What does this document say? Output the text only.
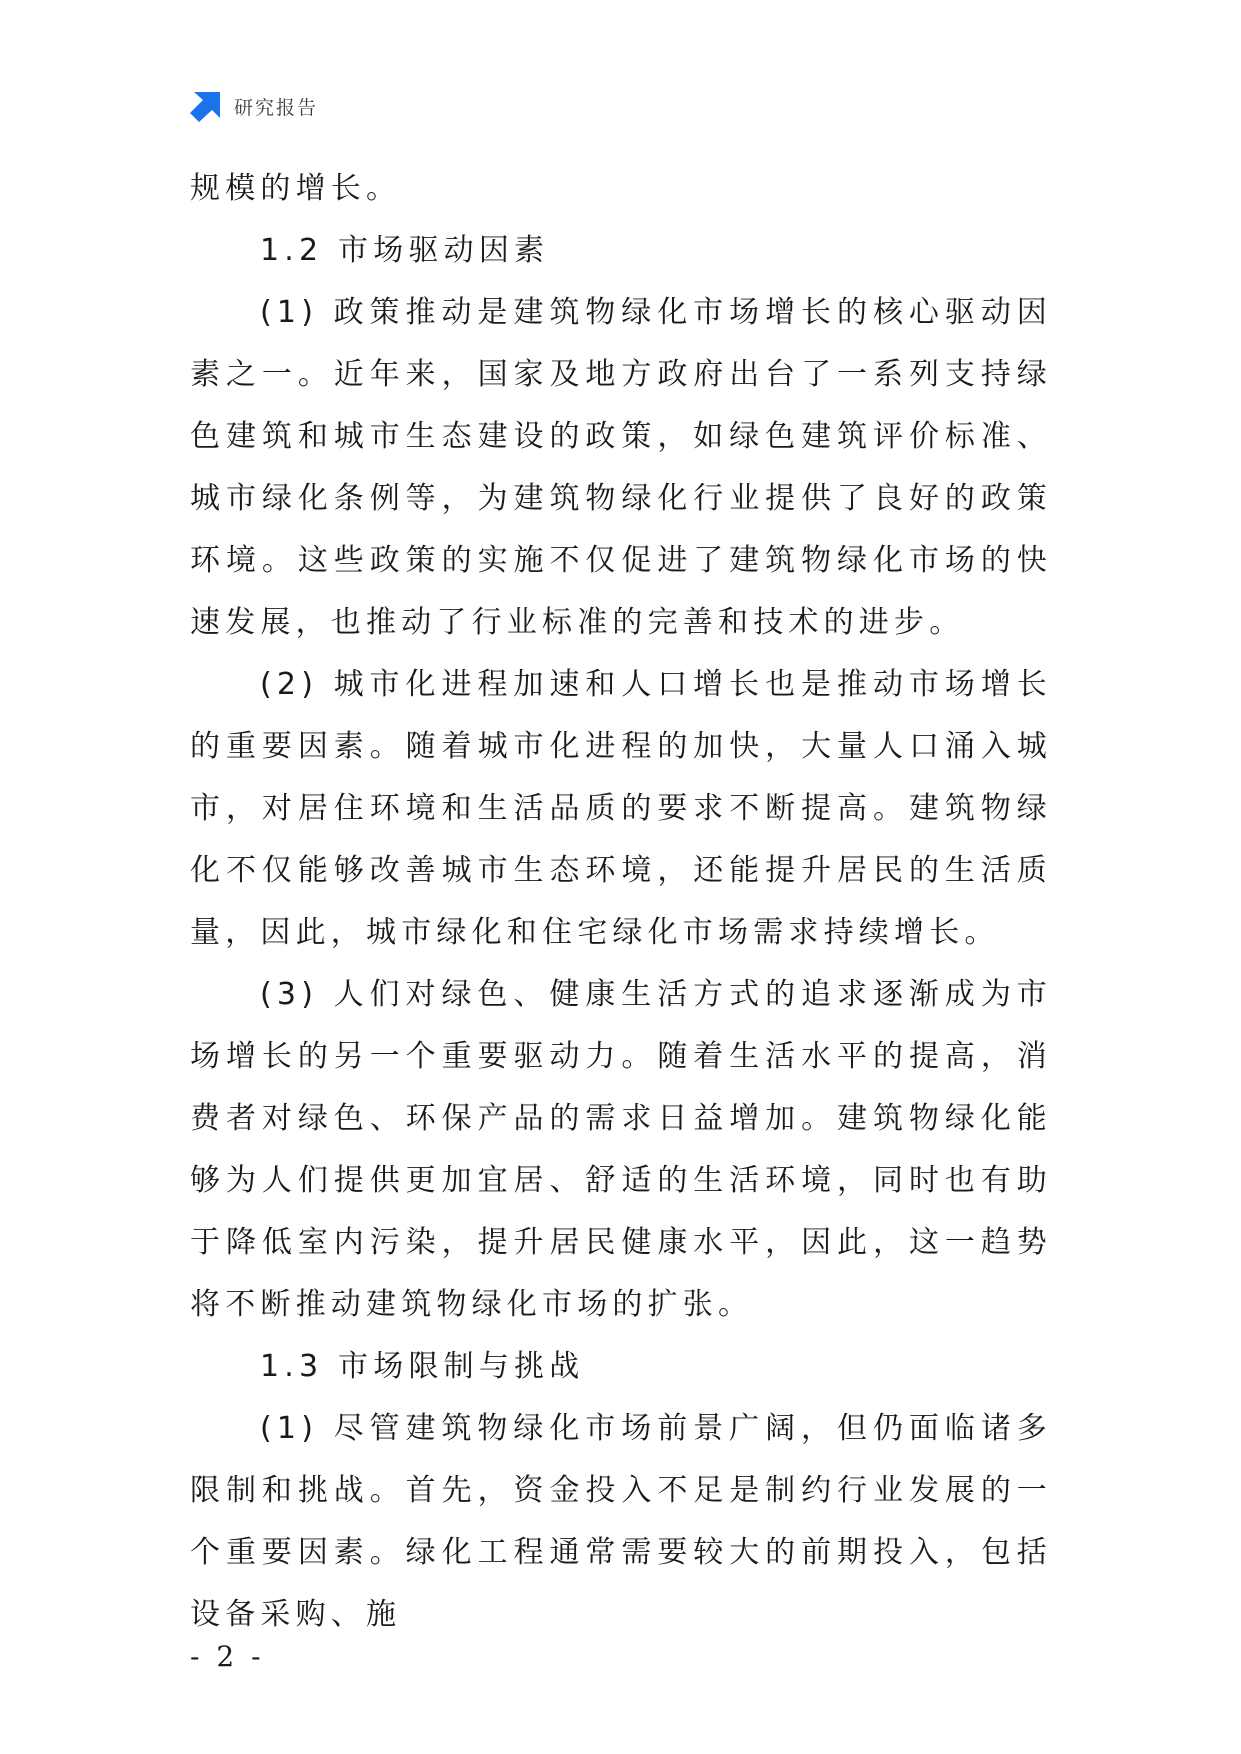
研究报告

规模的增长。

1.2 市场驱动因素

(1) 政策推动是建筑物绿化市场增长的核心驱动因素之一。近年来，国家及地方政府出台了一系列支持绿色建筑和城市生态建设的政策，如绿色建筑评价标准、城市绿化条例等，为建筑物绿化行业提供了良好的政策环境。这些政策的实施不仅促进了建筑物绿化市场的快速发展，也推动了行业标准的完善和技术的进步。

(2) 城市化进程加速和人口增长也是推动市场增长的重要因素。随着城市化进程的加快，大量人口涌入城市，对居住环境和生活品质的要求不断提高。建筑物绿化不仅能够改善城市生态环境，还能提升居民的生活质量，因此，城市绿化和住宅绿化市场需求持续增长。

(3) 人们对绿色、健康生活方式的追求逐渐成为市场增长的另一个重要驱动力。随着生活水平的提高，消费者对绿色、环保产品的需求日益增加。建筑物绿化能够为人们提供更加宜居、舒适的生活环境，同时也有助于降低室内污染，提升居民健康水平，因此，这一趋势将不断推动建筑物绿化市场的扩张。

1.3 市场限制与挑战

(1) 尽管建筑物绿化市场前景广阔，但仍面临诸多限制和挑战。首先，资金投入不足是制约行业发展的一个重要因素。绿化工程通常需要较大的前期投入，包括设备采购、施

- 2 -
